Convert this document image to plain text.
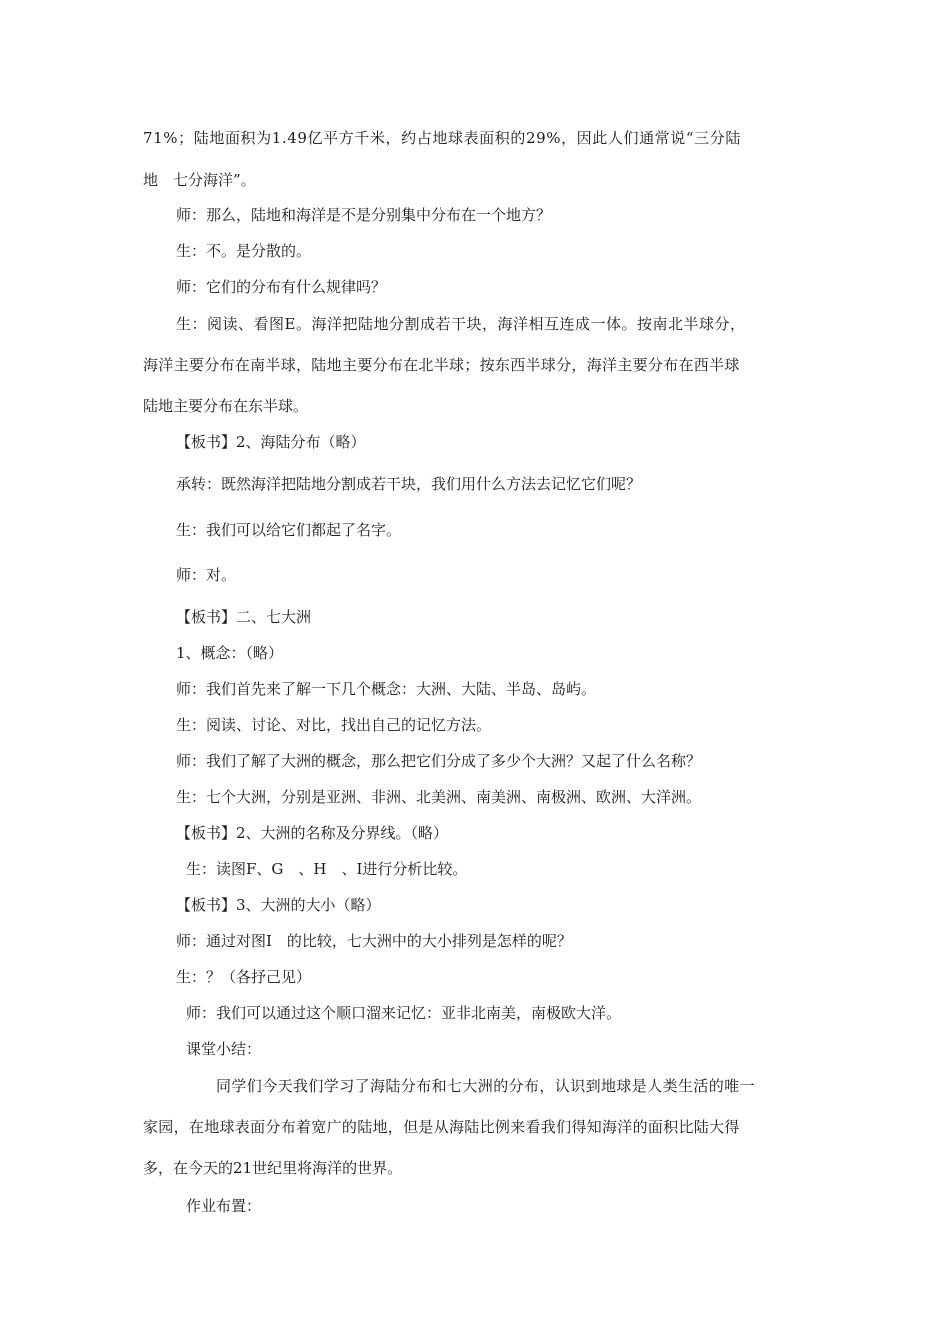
71%；陆地面积为1.49亿平方千米，约占地球表面积的29%，因此人们通常说“三分陆

地　七分海洋”。

师：那么，陆地和海洋是不是分别集中分布在一个地方？

生：不。是分散的。

师：它们的分布有什么规律吗？

生：阅读、看图E。海洋把陆地分割成若干块，海洋相互连成一体。按南北半球分，

海洋主要分布在南半球，陆地主要分布在北半球；按东西半球分，海洋主要分布在西半球

陆地主要分布在东半球。

【板书】2、海陆分布（略）

承转：既然海洋把陆地分割成若干块，我们用什么方法去记忆它们呢？

生：我们可以给它们都起了名字。

师：对。

【板书】二、七大洲

1、概念：（略）

师：我们首先来了解一下几个概念：大洲、大陆、半岛、岛屿。

生：阅读、讨论、对比，找出自己的记忆方法。

师：我们了解了大洲的概念，那么把它们分成了多少个大洲？又起了什么名称？

生：七个大洲，分别是亚洲、非洲、北美洲、南美洲、南极洲、欧洲、大洋洲。

【板书】2、大洲的名称及分界线。（略）

生：读图F、G　、H　、I进行分析比较。

【板书】3、大洲的大小（略）

师：通过对图I　的比较，七大洲中的大小排列是怎样的呢？

生：？（各抒己见）

师：我们可以通过这个顺口溜来记忆：亚非北南美，南极欧大洋。

课堂小结：

同学们今天我们学习了海陆分布和七大洲的分布，认识到地球是人类生活的唯一

家园，在地球表面分布着宽广的陆地，但是从海陆比例来看我们得知海洋的面积比陆大得

多，在今天的21世纪里将海洋的世界。

作业布置：
